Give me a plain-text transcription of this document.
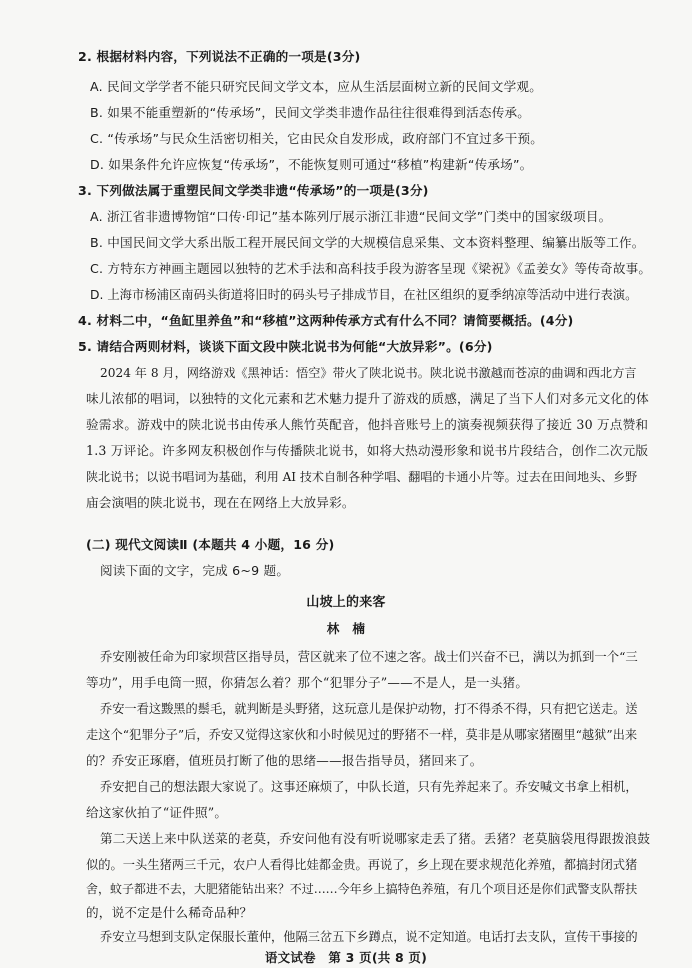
2. 根据材料内容，下列说法不正确的一项是(3分)
A. 民间文学学者不能只研究民间文学文本，应从生活层面树立新的民间文学观。
B. 如果不能重塑新的“传承场”，民间文学类非遗作品往往很难得到活态传承。
C. “传承场”与民众生活密切相关，它由民众自发形成，政府部门不宜过多干预。
D. 如果条件允许应恢复“传承场”，不能恢复则可通过“移植”构建新“传承场”。
3. 下列做法属于重塑民间文学类非遗“传承场”的一项是(3分)
A. 浙江省非遗博物馆“口传·印记”基本陈列厅展示浙江非遗“民间文学”门类中的国家级项目。
B. 中国民间文学大系出版工程开展民间文学的大规模信息采集、文本资料整理、编纂出版等工作。
C. 方特东方神画主题园以独特的艺术手法和高科技手段为游客呈现《梁祝》《孟姜女》等传奇故事。
D. 上海市杨浦区南码头街道将旧时的码头号子排成节目，在社区组织的夏季纳凉等活动中进行表演。
4. 材料二中，“鱼缸里养鱼”和“移植”这两种传承方式有什么不同？请简要概括。(4分)
5. 请结合两则材料，谈谈下面文段中陕北说书为何能“大放异彩”。(6分)
2024 年 8 月，网络游戏《黑神话：悟空》带火了陕北说书。陕北说书激越而苍凉的曲调和西北方言
味儿浓郁的唱词，以独特的文化元素和艺术魅力提升了游戏的质感，满足了当下人们对多元文化的体
验需求。游戏中的陕北说书由传承人熊竹英配音，他抖音账号上的演奏视频获得了接近 30 万点赞和
1.3 万评论。许多网友积极创作与传播陕北说书，如将大热动漫形象和说书片段结合，创作二次元版
陕北说书；以说书唱词为基础，利用 AI 技术自制各种学唱、翻唱的卡通小片等。过去在田间地头、乡野
庙会演唱的陕北说书，现在在网络上大放异彩。
(二) 现代文阅读Ⅱ (本题共 4 小题，16 分)
阅读下面的文字，完成 6~9 题。
山坡上的来客
林　楠
乔安刚被任命为印家坝营区指导员，营区就来了位不速之客。战士们兴奋不已，满以为抓到一个“三
等功”，用手电筒一照，你猜怎么着？那个“犯罪分子”——不是人，是一头猪。
乔安一看这黢黑的鬃毛，就判断是头野猪，这玩意儿是保护动物，打不得杀不得，只有把它送走。送
走这个“犯罪分子”后，乔安又觉得这家伙和小时候见过的野猪不一样，莫非是从哪家猪圈里“越狱”出来
的？乔安正琢磨，值班员打断了他的思绪——报告指导员，猪回来了。
乔安把自己的想法跟大家说了。这事还麻烦了，中队长道，只有先养起来了。乔安喊文书拿上相机，
给这家伙拍了“证件照”。
第二天送上来中队送菜的老莫，乔安问他有没有听说哪家走丢了猪。丢猪？老莫脑袋甩得跟拨浪鼓
似的。一头生猪两三千元，农户人看得比娃都金贵。再说了，乡上现在要求规范化养殖，都搞封闭式猪
舍，蚊子都进不去，大肥猪能钻出来？不过……今年乡上搞特色养殖，有几个项目还是你们武警支队帮扶
的，说不定是什么稀奇品种？
乔安立马想到支队定保服长董仲，他隔三岔五下乡蹲点，说不定知道。电话打去支队，宣传干事接的
语文试卷　第 3 页(共 8 页)
